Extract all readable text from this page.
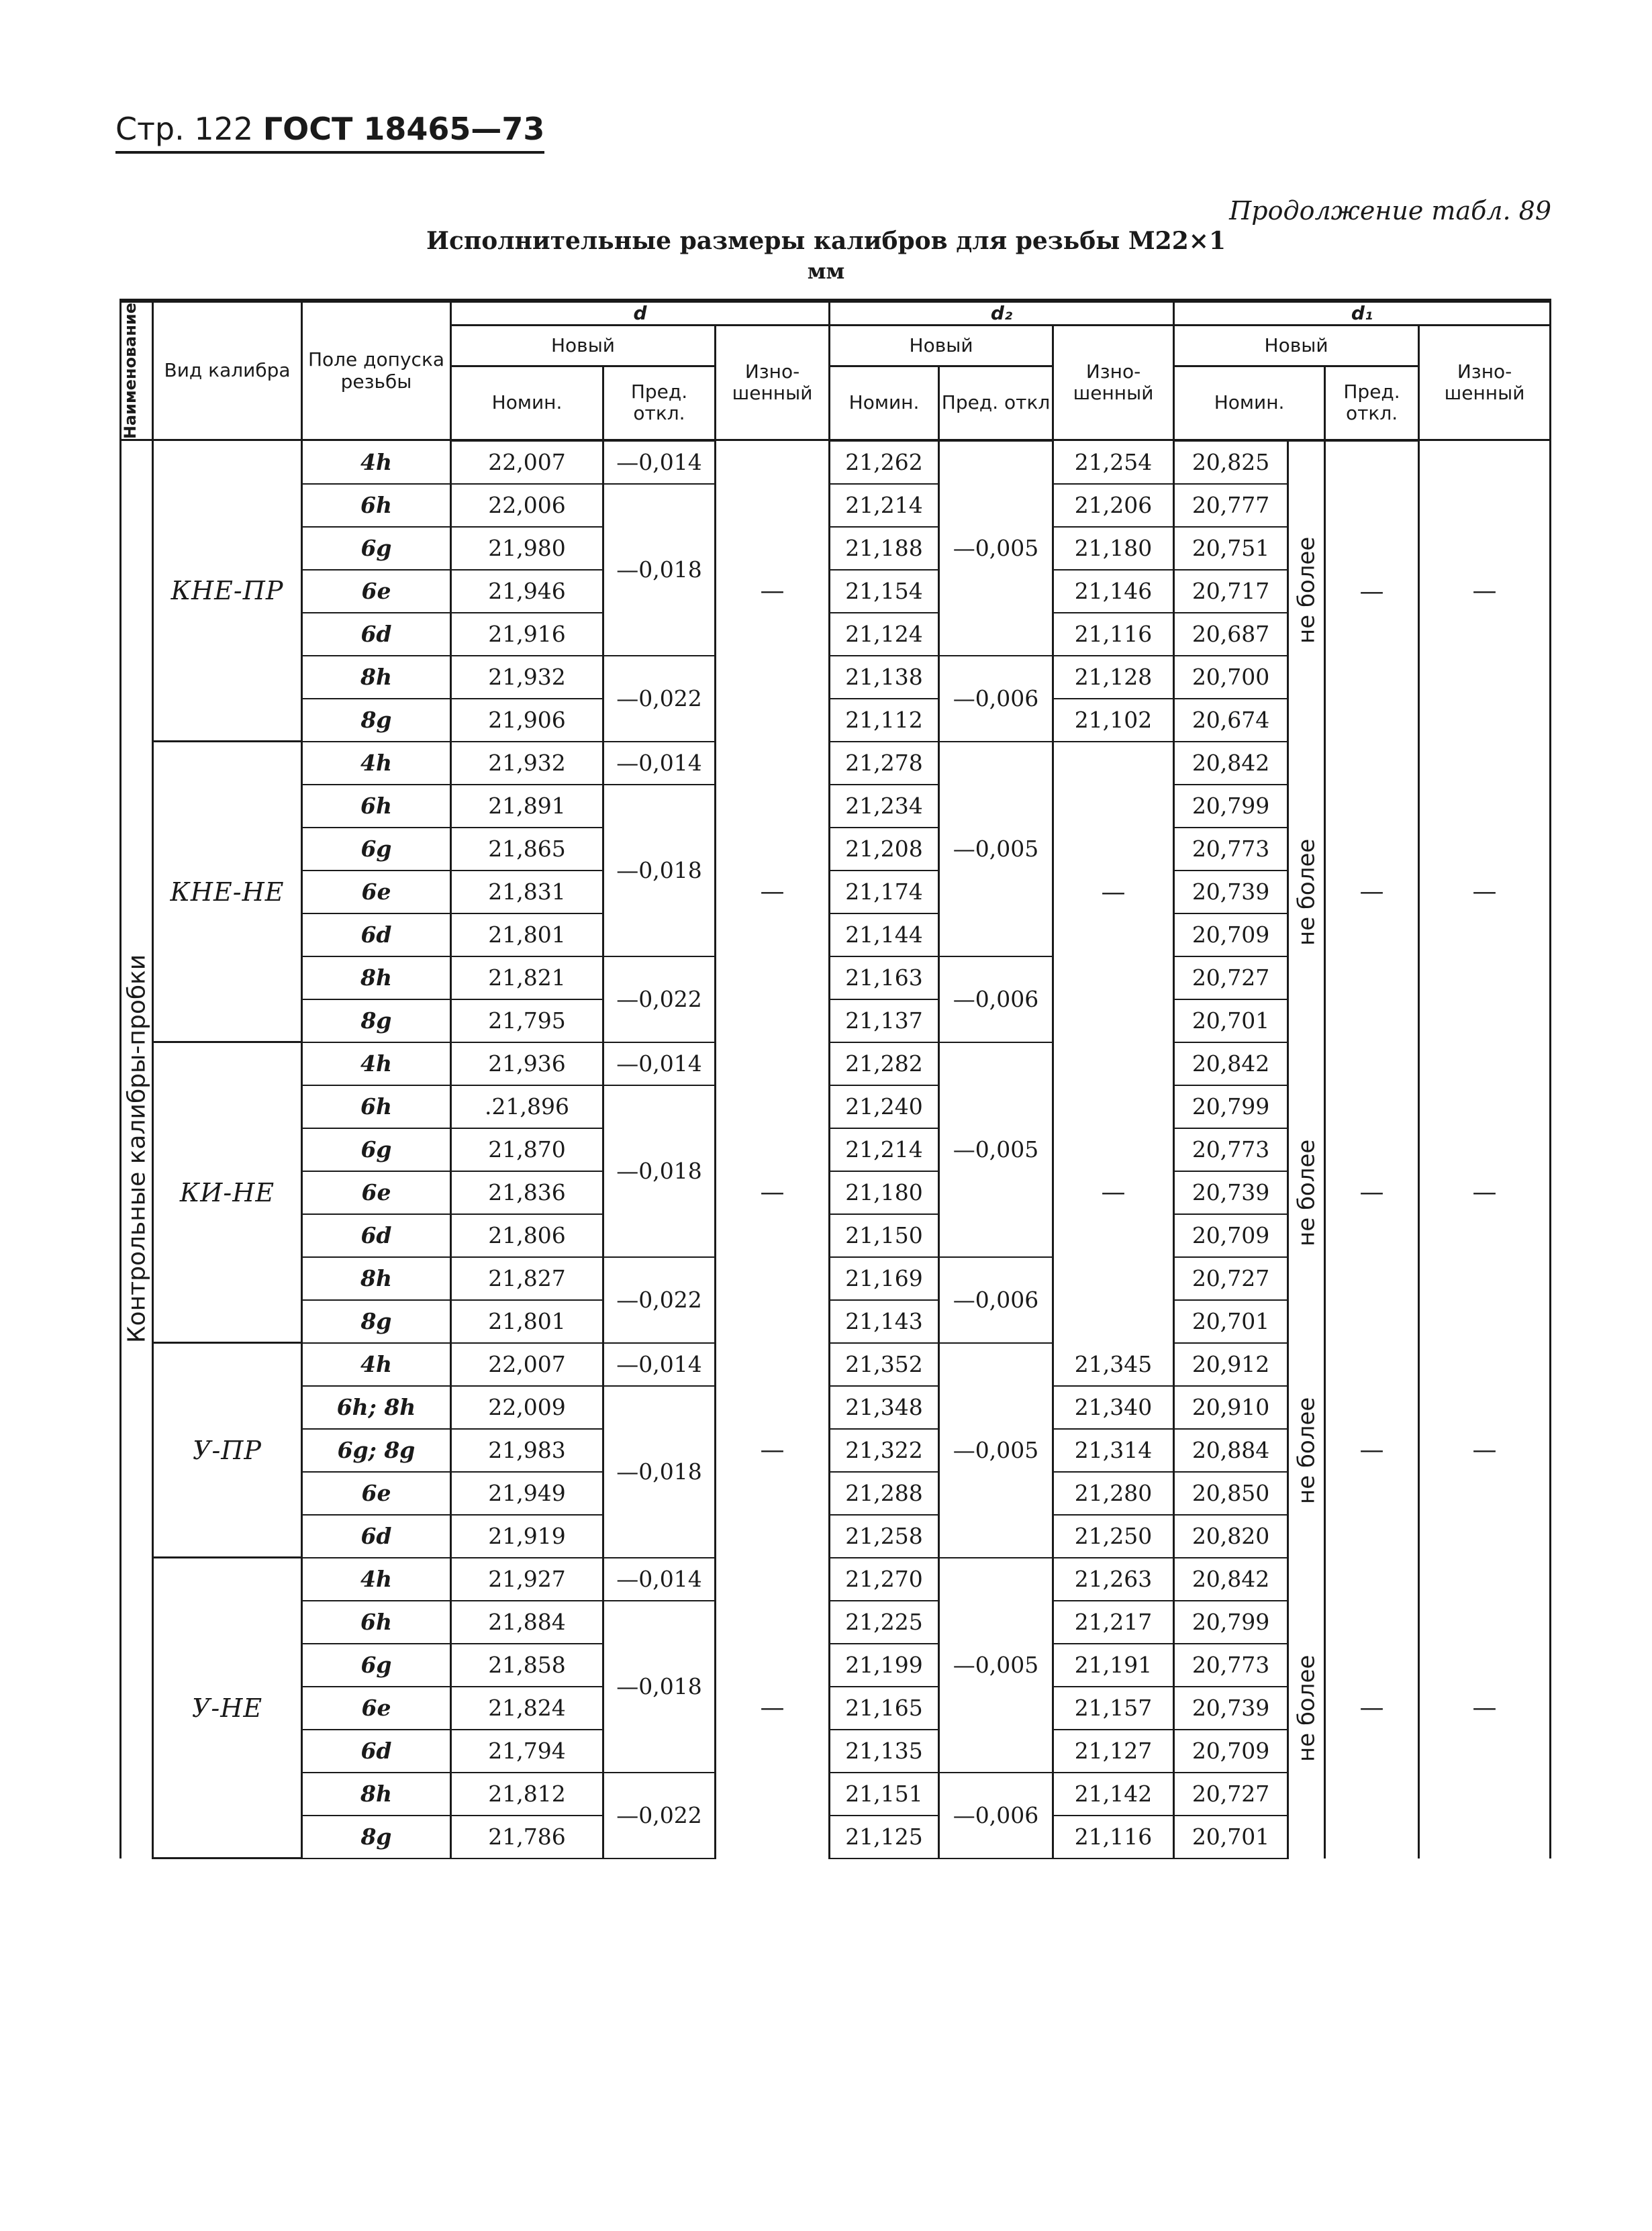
Стр. 122 ГОСТ 18465—73
Продолжение табл. 89
Исполнительные размеры калибров для резьбы M22×1
мм
Наименование	Вид калибра	Поле допуска резьбы	d			d₂			d₁			
			Новый		Изно-шенный	Новый		Изно-шенный	Новый			Изно-шенный
			Номин.	Пред. откл.		Номин.	Пред. откл		Номин.		Пред. откл.	
Контрольные калибры-пробки	КНЕ-ПР	4h	22,007	—0,014	—	21,262	—0,005	21,254	20,825	не более	—	—
		6h	22,006	—0,018		21,214		21,206	20,777			
		6g	21,980			21,188		21,180	20,751			
		6e	21,946			21,154		21,146	20,717			
		6d	21,916			21,124		21,116	20,687			
		8h	21,932	—0,022		21,138	—0,006	21,128	20,700			
		8g	21,906			21,112		21,102	20,674			
	КНЕ-НЕ	4h	21,932	—0,014	—	21,278	—0,005	—	20,842	не более	—	—
		6h	21,891	—0,018		21,234			20,799			
		6g	21,865			21,208			20,773			
		6e	21,831			21,174			20,739			
		6d	21,801			21,144			20,709			
		8h	21,821	—0,022		21,163	—0,006		20,727			
		8g	21,795			21,137			20,701			
	КИ-НЕ	4h	21,936	—0,014	—	21,282	—0,005	—	20,842	не более	—	—
		6h	.21,896	—0,018		21,240			20,799			
		6g	21,870			21,214			20,773			
		6e	21,836			21,180			20,739			
		6d	21,806			21,150			20,709			
		8h	21,827	—0,022		21,169	—0,006		20,727			
		8g	21,801			21,143			20,701			
	У-ПР	4h	22,007	—0,014	—	21,352	—0,005	21,345	20,912	не более	—	—
		6h; 8h	22,009	—0,018		21,348		21,340	20,910			
		6g; 8g	21,983			21,322		21,314	20,884			
		6e	21,949			21,288		21,280	20,850			
		6d	21,919			21,258		21,250	20,820			
	У-НЕ	4h	21,927	—0,014	—	21,270	—0,005	21,263	20,842	не более	—	—
		6h	21,884	—0,018		21,225		21,217	20,799			
		6g	21,858			21,199		21,191	20,773			
		6e	21,824			21,165		21,157	20,739			
		6d	21,794			21,135		21,127	20,709			
		8h	21,812	—0,022		21,151	—0,006	21,142	20,727			
		8g	21,786			21,125		21,116	20,701			
